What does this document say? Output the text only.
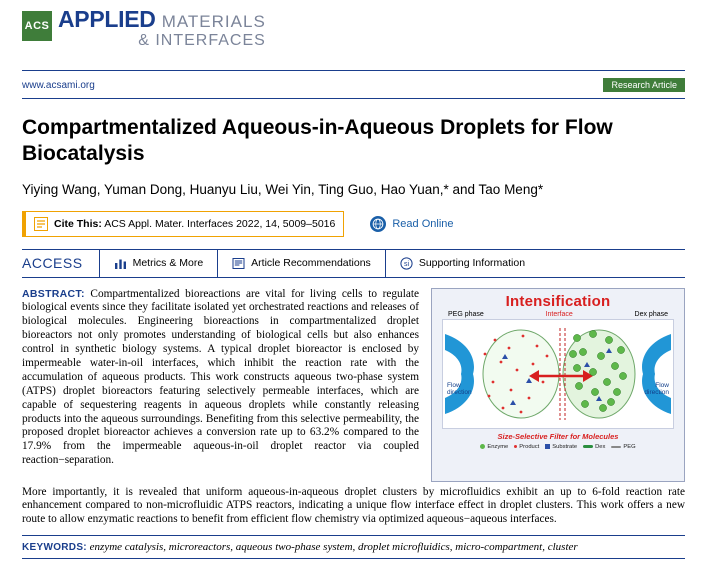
ACS APPLIED MATERIALS
& INTERFACES
www.acsami.org	Research Article
Compartmentalized Aqueous-in-Aqueous Droplets for Flow Biocatalysis
Yiying Wang, Yuman Dong, Huanyu Liu, Wei Yin, Ting Guo, Hao Yuan,* and Tao Meng*
Cite This: ACS Appl. Mater. Interfaces 2022, 14, 5009–5016	Read Online
ACCESS	Metrics & More	Article Recommendations	si Supporting Information
ABSTRACT: Compartmentalized bioreactions are vital for living cells to regulate biological events since they facilitate isolated yet orchestrated reactions and releases of biological molecules. Engineering bioreactions in compartmentalized droplet bioreactors not only promotes understanding of biological cells but also enhances control in synthetic biology systems. A typical droplet bioreactor is enclosed by impermeable water-in-oil interfaces, which inhibit the reaction rate with the accumulation of aqueous products. This work constructs aqueous two-phase system (ATPS) droplet bioreactors featuring selectively permeable interfaces, which are capable of sequestering reagents in aqueous droplets while constantly releasing products into the aqueous surroundings. Benefiting from this selective permeability, the proposed droplet bioreactor achieves a conversion rate up to 63.2% compared to the 17.9% from the impermeable aqueous-in-oil droplet reactor via coupled reaction−separation.
Intensification
PEG phase	Interface	Dex phase
Flow
direction
Flow
direction
Size-Selective Filter for Molecules
Enzyme Product Substrate	Dex	PEG
More importantly, it is revealed that uniform aqueous-in-aqueous droplet clusters by microfluidics exhibit an up to 6-fold reaction rate enhancement compared to non-microfluidic ATPS reactors, indicating a unique flow interface effect in droplet clusters. This work offers a new route to allow enzymatic reactions to benefit from efficient flow chemistry via optimized aqueous−aqueous interfaces.
KEYWORDS: enzyme catalysis, microreactors, aqueous two-phase system, droplet microfluidics, micro-compartment, cluster
